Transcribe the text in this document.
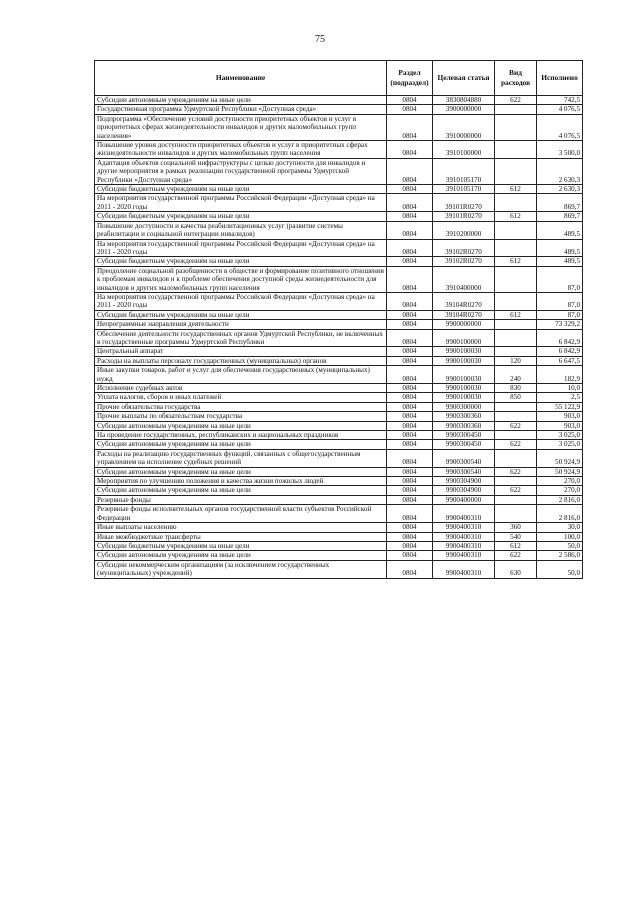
75
Наименование	Раздел (подраздел)	Целевая статья	Вид расходов	Исполнено
Субсидии автономным учреждениям на иные цели	0804	3830804880	622	742,5
Государственная программа Удмуртской Республики «Доступная среда»	0804	3900000000		4 076,5
Подпрограмма «Обеспечение условий доступности приоритетных объектов и услуг в приоритетных сферах жизнедеятельности инвалидов и других маломобильных групп населения»	0804	3910000000		4 076,5
Повышение уровня доступности приоритетных объектов и услуг в приоритетных сферах жизнедеятельности инвалидов и других маломобильных групп населения	0804	3910100000		3 500,0
Адаптация объектов социальной инфраструктуры с целью доступности для инвалидов и другие мероприятия в рамках реализации государственной программы Удмуртской Республики «Доступная среда»	0804	3910105170		2 630,3
Субсидии бюджетным учреждениям на иные цели	0804	3910105170	612	2 630,3
На мероприятия государственной программы Российской Федерации «Доступная среда» на 2011 - 2020 годы	0804	39101R0270		869,7
Субсидии бюджетным учреждениям на иные цели	0804	39101R0270	612	869,7
Повышение доступности и качества реабилитационных услуг (развитие системы реабилитации и социальной интеграции инвалидов)	0804	3910200000		489,5
На мероприятия государственной программы Российской Федерации «Доступная среда» на 2011 - 2020 годы	0804	39102R0270		489,5
Субсидии бюджетным учреждениям на иные цели	0804	39102R0270	612	489,5
Преодоление социальной разобщенности в обществе и формирование позитивного отношения к проблемам инвалидов и к проблеме обеспечения доступной среды жизнедеятельности для инвалидов и других маломобильных групп населения	0804	3910400000		87,0
На мероприятия государственной программы Российской Федерации «Доступная среда» на 2011 - 2020 годы	0804	39104R0270		87,0
Субсидии бюджетным учреждениям на иные цели	0804	39104R0270	612	87,0
Непрограммные направления деятельности	0804	9900000000		73 329,2
Обеспечение деятельности государственных органов Удмуртской Республики, не включенных в государственные программы Удмуртской Республики	0804	9900100000		6 842,9
Центральный аппарат	0804	9900100030		6 842,9
Расходы на выплаты персоналу государственных (муниципальных) органов	0804	9900100030	120	6 647,5
Иные закупки товаров, работ и услуг для обеспечения государственных (муниципальных) нужд	0804	9900100030	240	182,9
Исполнение судебных актов	0804	9900100030	830	10,0
Уплата налогов, сборов и иных платежей	0804	9900100030	850	2,5
Прочие обязательства государства	0804	9900300000		55 122,9
Прочие выплаты по обязательствам государства	0804	9900300360		903,0
Субсидии автономным учреждениям на иные цели	0804	9900300360	622	903,0
На проведение государственных, республиканских и национальных праздников	0804	9900300450		3 025,0
Субсидии автономным учреждениям на иные цели	0804	9900300450	622	3 025,0
Расходы на реализацию государственных функций, связанных с общегосударственным управлением на исполнение судебных решений	0804	9900300540		50 924,9
Субсидии автономным учреждениям на иные цели	0804	9900300540	622	50 924,9
Мероприятия по улучшению положения и качества жизни пожилых людей	0804	9900304900		270,0
Субсидии автономным учреждениям на иные цели	0804	9900304900	622	270,0
Резервные фонды	0804	9900400000		2 816,0
Резервные фонды исполнительных органов государственной власти субъектов Российской Федерации	0804	9900400310		2 816,0
Иные выплаты населению	0804	9900400310	360	30,0
Иные межбюджетные трансферты	0804	9900400310	540	100,0
Субсидии бюджетным учреждениям на иные цели	0804	9900400310	612	50,0
Субсидии автономным учреждениям на иные цели	0804	9900400310	622	2 586,0
Субсидии некоммерческим организациям (за исключением государственных (муниципальных) учреждений)	0804	9900400310	630	50,0
